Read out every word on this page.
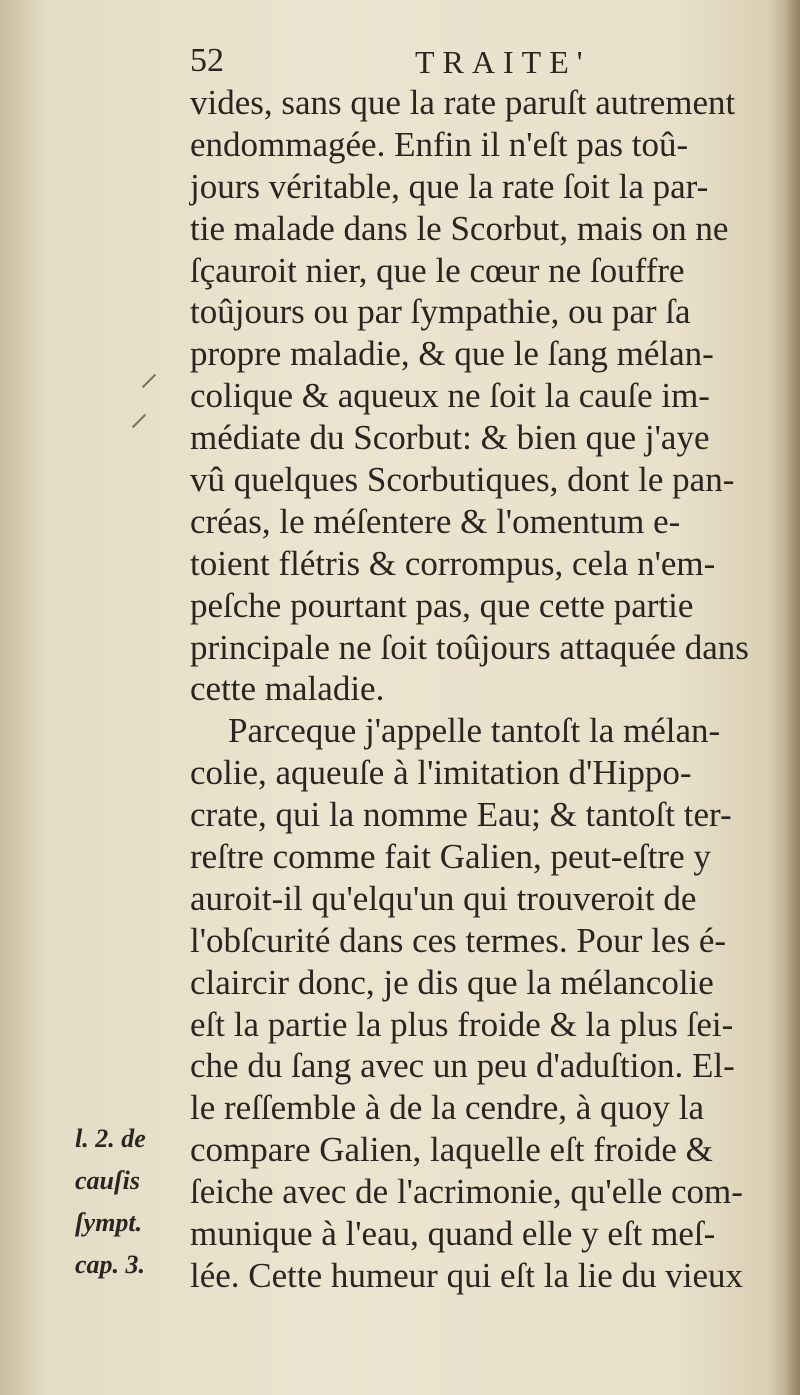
52	TRAITE'
vides, sans que la rate paruſt autrement
endommagée. Enfin il n'eſt pas toû-
jours véritable, que la rate ſoit la par-
tie malade dans le Scorbut, mais on ne
ſçauroit nier, que le cœur ne ſouffre
toûjours ou par ſympathie, ou par ſa
propre maladie, & que le ſang mélan-
colique & aqueux ne ſoit la cauſe im-
médiate du Scorbut: & bien que j'aye
vû quelques Scorbutiques, dont le pan-
créas, le méſentere & l'omentum e-
toient flétris & corrompus, cela n'em-
peſche pourtant pas, que cette partie
principale ne ſoit toûjours attaquée dans
cette maladie.
Parceque j'appelle tantoſt la mélan-
colie, aqueuſe à l'imitation d'Hippo-
crate, qui la nomme Eau; & tantoſt ter-
reſtre comme fait Galien, peut-eſtre y
auroit-il qu'elqu'un qui trouveroit de
l'obſcurité dans ces termes. Pour les é-
claircir donc, je dis que la mélancolie
eſt la partie la plus froide & la plus ſei-
che du ſang avec un peu d'aduſtion. El-
le reſſemble à de la cendre, à quoy la
compare Galien, laquelle eſt froide &
ſeiche avec de l'acrimonie, qu'elle com-
munique à l'eau, quand elle y eſt meſ-
lée. Cette humeur qui eſt la lie du vieux
l. 2. de
cauſis
ſympt.
cap. 3.
